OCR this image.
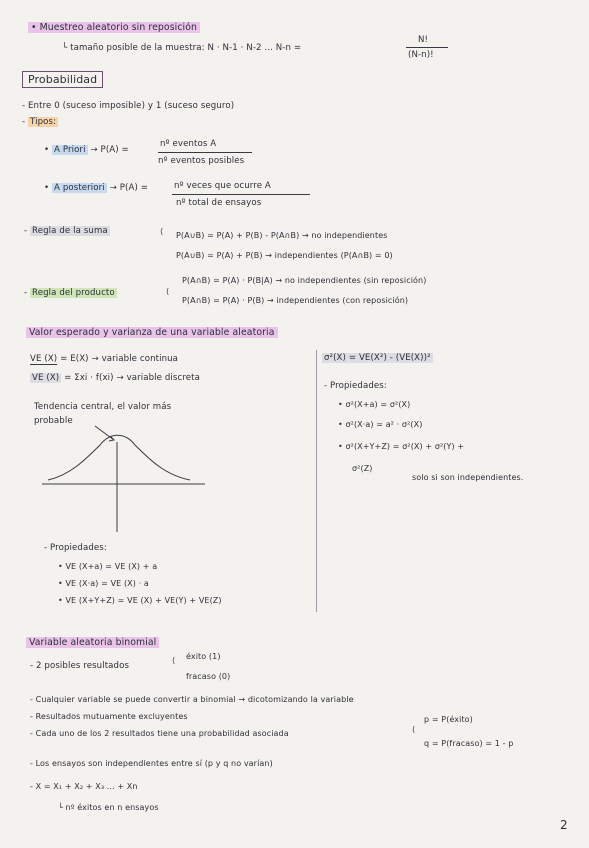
• Muestreo aleatorio sin reposición
└ tamaño posible de la muestra: N · N-1 · N-2 ... N-n =
N!
(N-n)!
Probabilidad
- Entre 0 (suceso imposible) y 1 (suceso seguro)
- Tipos:
• A Priori → P(A) =
nº eventos A
nº eventos posibles
• A posteriori → P(A) =	nº veces que ocurre A
nº total de ensayos
- Regla de la suma	⟨ P(A∪B) = P(A) + P(B) - P(A∩B) → no independientes
P(A∪B) = P(A) + P(B) → independientes (P(A∩B) = 0)
- Regla del producto	⟨
P(A∩B) = P(A) · P(B|A) → no independientes (sin reposición)
P(A∩B) = P(A) · P(B) → independientes (con reposición)
Valor esperado y varianza de una variable aleatoria
VE (X) = E(X) → variable continua
VE (X) = Σxi · f(xi) → variable discreta
Tendencia central, el valor más
probable
- Propiedades:
• VE (X+a) = VE (X) + a
• VE (X·a) = VE (X) · a
• VE (X+Y+Z) = VE (X) + VE(Y) + VE(Z)
σ²(X) = VE(X²) - (VE(X))²
- Propiedades:
• σ²(X+a) = σ²(X)
• σ²(X·a) = a² · σ²(X)
• σ²(X+Y+Z) = σ²(X) + σ²(Y) +
σ²(Z)
solo si son independientes.
Variable aleatoria binomial
- 2 posibles resultados
⟨ éxito (1)
fracaso (0)
- Cualquier variable se puede convertir a binomial → dicotomizando la variable
- Resultados mutuamente excluyentes
- Cada uno de los 2 resultados tiene una probabilidad asociada	⟨
p = P(éxito)
q = P(fracaso) = 1 - p
- Los ensayos son independientes entre sí (p y q no varían)
- X = X₁ + X₂ + X₃ ... + Xn
└ nº éxitos en n ensayos
2
